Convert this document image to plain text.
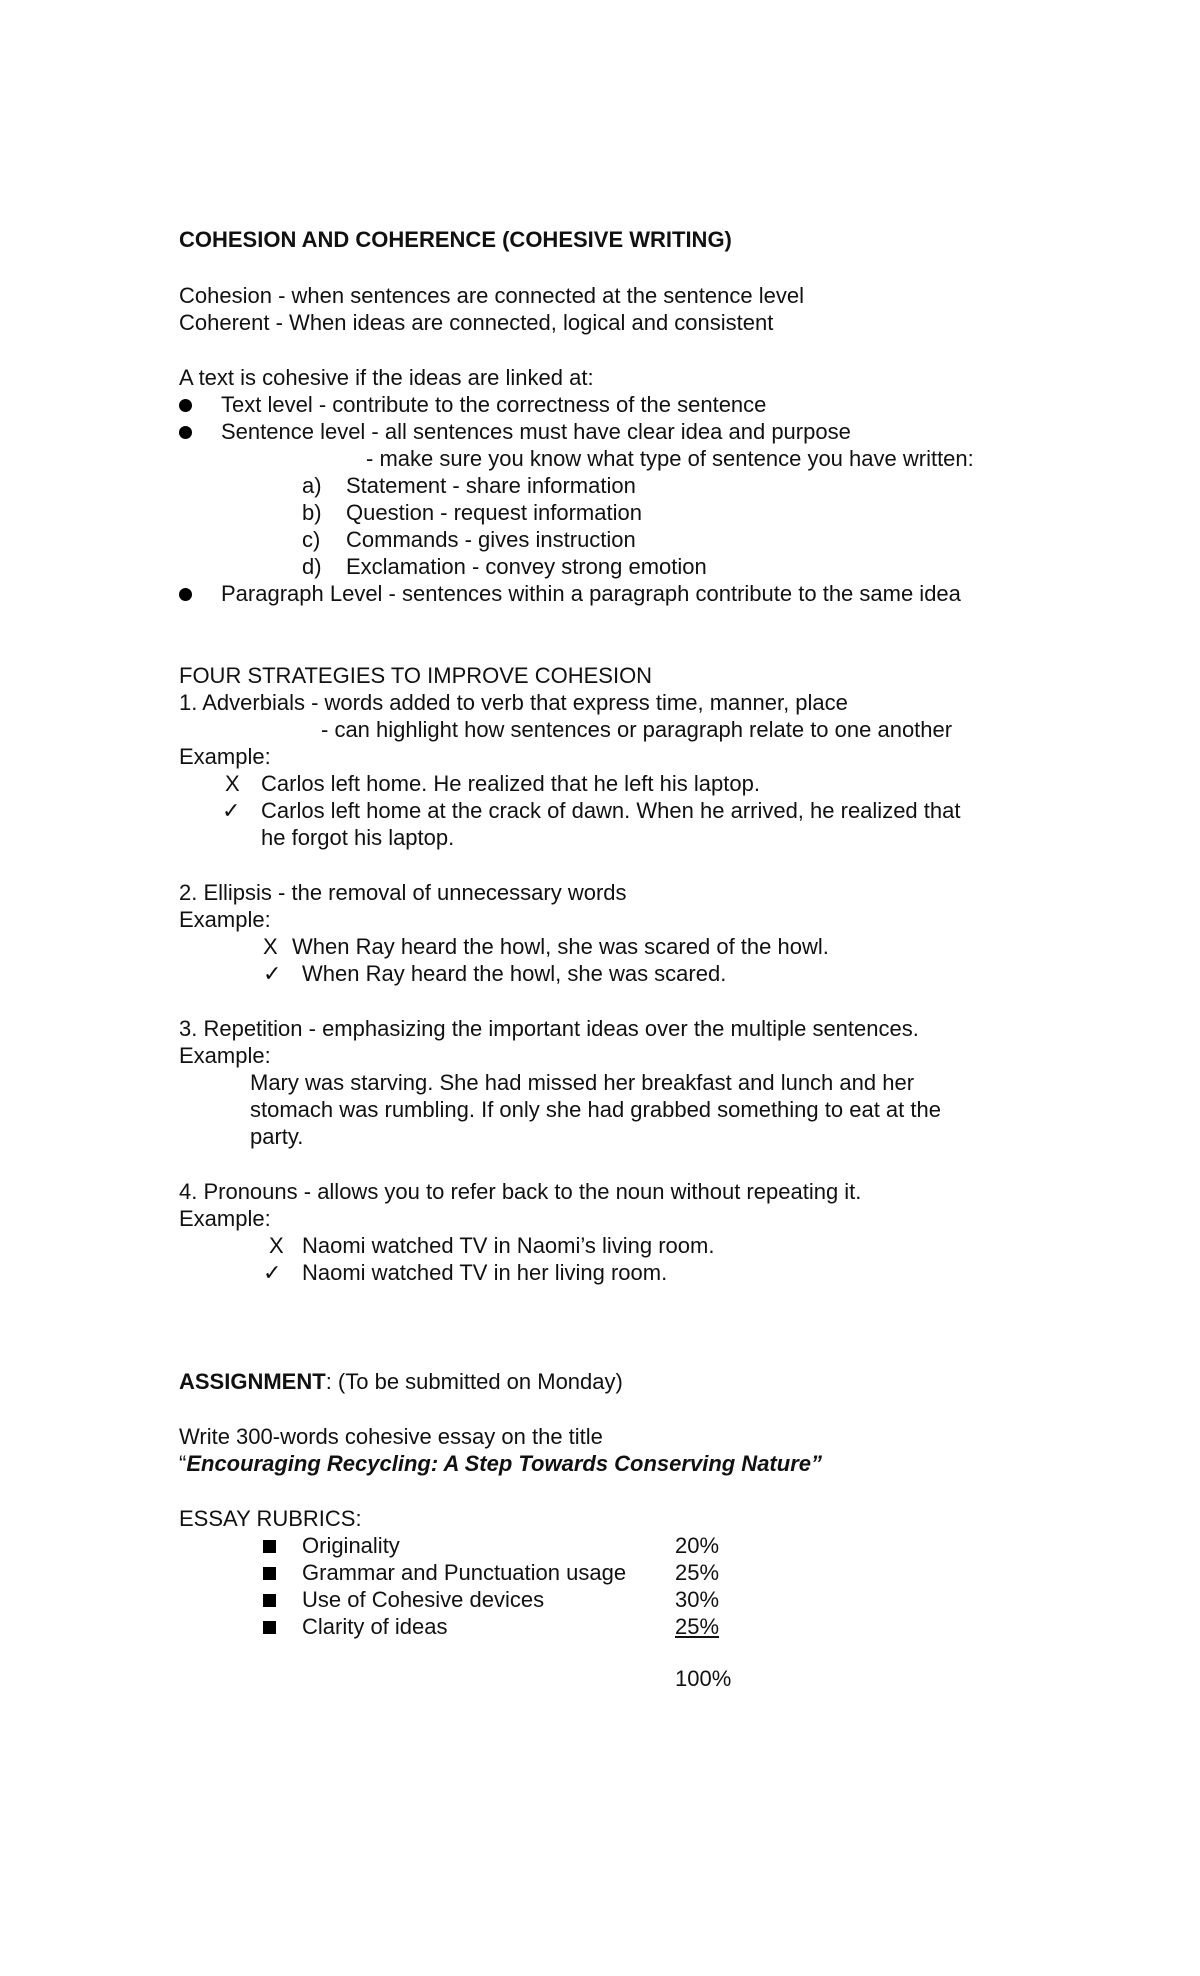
COHESION AND COHERENCE (COHESIVE WRITING)
Cohesion - when sentences are connected at the sentence level
Coherent - When ideas are connected, logical and consistent
A text is cohesive if the ideas are linked at:
Text level - contribute to the correctness of the sentence
Sentence level - all sentences must have clear idea and purpose
- make sure you know what type of sentence you have written:
a) Statement - share information
b) Question - request information
c) Commands - gives instruction
d) Exclamation - convey strong emotion
Paragraph Level - sentences within a paragraph contribute to the same idea
FOUR STRATEGIES TO IMPROVE COHESION
1. Adverbials - words added to verb that express time, manner, place
- can highlight how sentences or paragraph relate to one another
Example:
X Carlos left home. He realized that he left his laptop.
✓ Carlos left home at the crack of dawn. When he arrived, he realized that
he forgot his laptop.
2. Ellipsis - the removal of unnecessary words
Example:
X When Ray heard the howl, she was scared of the howl.
✓ When Ray heard the howl, she was scared.
3. Repetition - emphasizing the important ideas over the multiple sentences.
Example:
Mary was starving. She had missed her breakfast and lunch and her
stomach was rumbling. If only she had grabbed something to eat at the
party.
4. Pronouns - allows you to refer back to the noun without repeating it.
Example:
X Naomi watched TV in Naomi’s living room.
✓ Naomi watched TV in her living room.
ASSIGNMENT: (To be submitted on Monday)
Write 300-words cohesive essay on the title
“Encouraging Recycling: A Step Towards Conserving Nature”
ESSAY RUBRICS:
Originality	20%
Grammar and Punctuation usage 25%
Use of Cohesive devices	30%
Clarity of ideas	25%
100%
